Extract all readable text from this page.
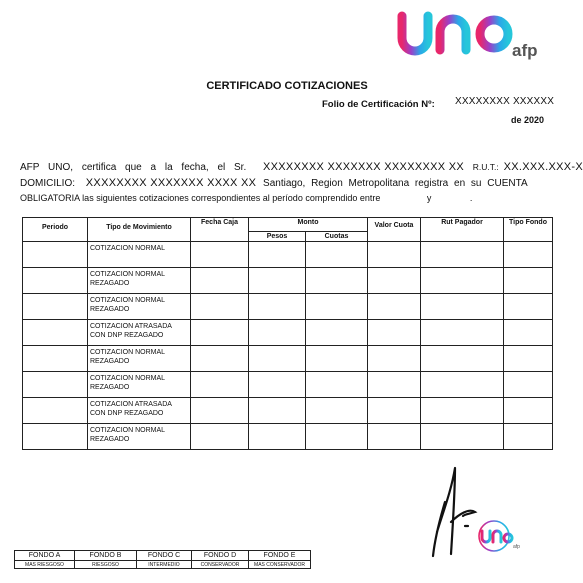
afp
CERTIFICADO COTIZACIONES
Folio de Certificación Nº: XXXXXXXX XXXXXX
de 2020
AFP UNO, certifica que a la fecha, el Sr. XXXXXXXX XXXXXXX XXXXXXXX XX R.U.T.: XX.XXX.XXX-X
DOMICILIO: XXXXXXXX XXXXXXX XXXX XX Santiago, Region Metropolitana registra en su CUENTA
OBLIGATORIA las siguientes cotizaciones correspondientes al período comprendido entre	y	.
Periodo	Tipo de Movimiento	Fecha Caja	Monto		Valor Cuota	Rut Pagador	Tipo Fondo
			Pesos	Cuotas			
	COTIZACION NORMAL						
	COTIZACION NORMAL REZAGADO						
	COTIZACION NORMAL REZAGADO						
	COTIZACION ATRASADA CON DNP REZAGADO						
	COTIZACION NORMAL REZAGADO						
	COTIZACION NORMAL REZAGADO						
	COTIZACION ATRASADA CON DNP REZAGADO						
	COTIZACION NORMAL REZAGADO						
afp
FONDO A	FONDO B	FONDO C	FONDO D	FONDO E
MAS RIESGOSO	RIESGOSO	INTERMEDIO	CONSERVADOR	MAS CONSERVADOR
